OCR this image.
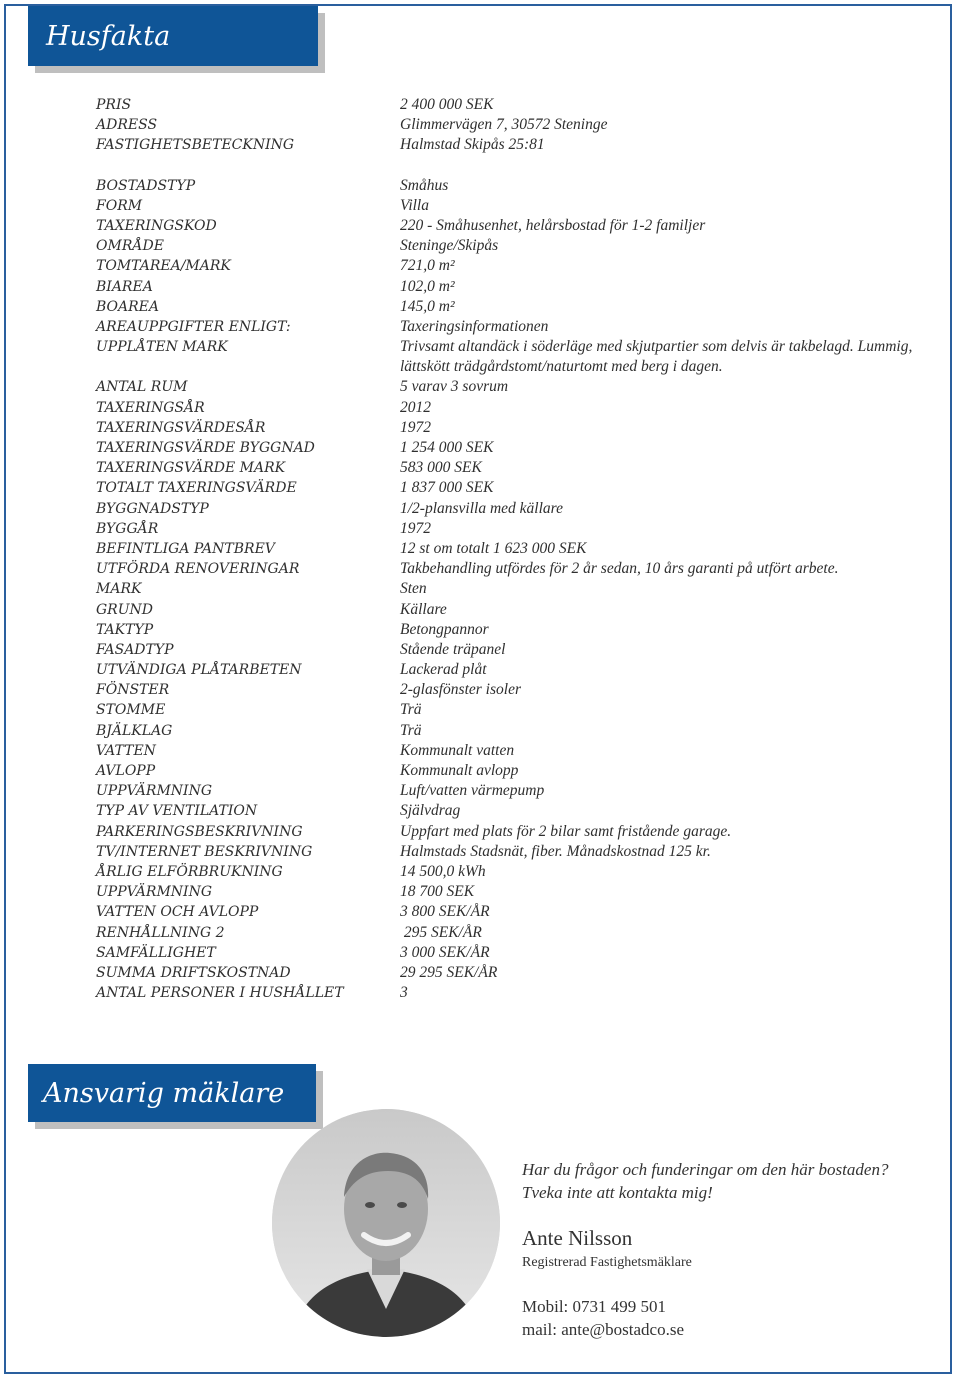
Husfakta
PRIS	2 400 000 SEK
ADRESS	Glimmervägen 7, 30572 Steninge
FASTIGHETSBETECKNING	Halmstad Skipås 25:81
BOSTADSTYP	Småhus
FORM	Villa
TAXERINGSKOD	220 - Småhusenhet, helårsbostad för 1-2 familjer
OMRÅDE	Steninge/Skipås
TOMTAREA/MARK	721,0 m²
BIAREA	102,0 m²
BOAREA	145,0 m²
AREAUPPGIFTER ENLIGT:	Taxeringsinformationen
UPPLÅTEN MARK	Trivsamt altandäck i söderläge med skjutpartier som delvis är takbelagd. Lummig, lättskött trädgårdstomt/naturtomt med berg i dagen.
ANTAL RUM	5 varav 3 sovrum
TAXERINGSÅR	2012
TAXERINGSVÄRDESÅR	1972
TAXERINGSVÄRDE BYGGNAD	1 254 000 SEK
TAXERINGSVÄRDE MARK	583 000 SEK
TOTALT TAXERINGSVÄRDE	1 837 000 SEK
BYGGNADSTYP	1/2-plansvilla med källare
BYGGÅR	1972
BEFINTLIGA PANTBREV	12 st om totalt 1 623 000 SEK
UTFÖRDA RENOVERINGAR	Takbehandling utfördes för 2 år sedan, 10 års garanti på utfört arbete.
MARK	Sten
GRUND	Källare
TAKTYP	Betongpannor
FASADTYP	Stående träpanel
UTVÄNDIGA PLÅTARBETEN	Lackerad plåt
FÖNSTER	2-glasfönster isoler
STOMME	Trä
BJÄLKLAG	Trä
VATTEN	Kommunalt vatten
AVLOPP	Kommunalt avlopp
UPPVÄRMNING	Luft/vatten värmepump
TYP AV VENTILATION	Självdrag
PARKERINGSBESKRIVNING	Uppfart med plats för 2 bilar samt fristående garage.
TV/INTERNET BESKRIVNING	Halmstads Stadsnät, fiber. Månadskostnad 125 kr.
ÅRLIG ELFÖRBRUKNING	14 500,0 kWh
UPPVÄRMNING	18 700 SEK
VATTEN OCH AVLOPP	3 800 SEK/ÅR
RENHÅLLNING 2	295 SEK/ÅR
SAMFÄLLIGHET	3 000 SEK/ÅR
SUMMA DRIFTSKOSTNAD	29 295 SEK/ÅR
ANTAL PERSONER I HUSHÅLLET	3
Ansvarig mäklare
Har du frågor och funderingar om den här bostaden?
Tveka inte att kontakta mig!
Ante Nilsson
Registrerad Fastighetsmäklare
Mobil: 0731 499 501
mail: ante@bostadco.se
